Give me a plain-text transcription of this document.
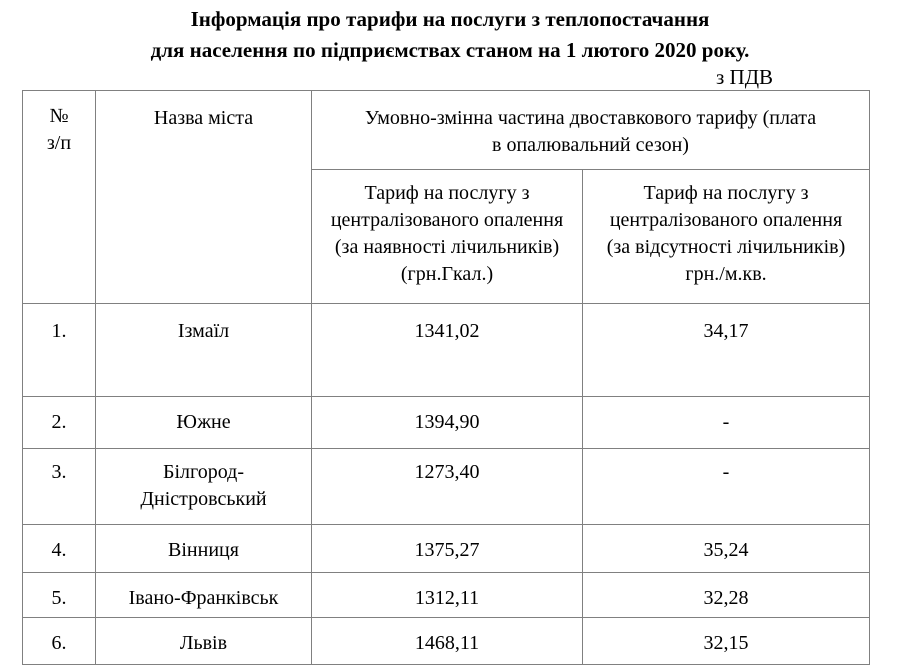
Інформація про тарифи на послуги з теплопостачання
для населення по підприємствах станом на 1 лютого 2020 року.
з ПДВ
№ з/п	Назва міста	Умовно-змінна частина двоставкового тарифу (плата в опалювальний сезон)	

		Тариф на послугу з централізованого опалення (за наявності лічильників) (грн.Гкал.)	Тариф на послугу з централізованого опалення (за відсутності лічильників) грн./м.кв.

1.	Ізмаїл	1341,02	34,17
2.	Южне	1394,90	-
3.	Білгород-Дністровський	1273,40	-
4.	Вінниця	1375,27	35,24
5.	Івано-Франківськ	1312,11	32,28
6.	Львів	1468,11	32,15
